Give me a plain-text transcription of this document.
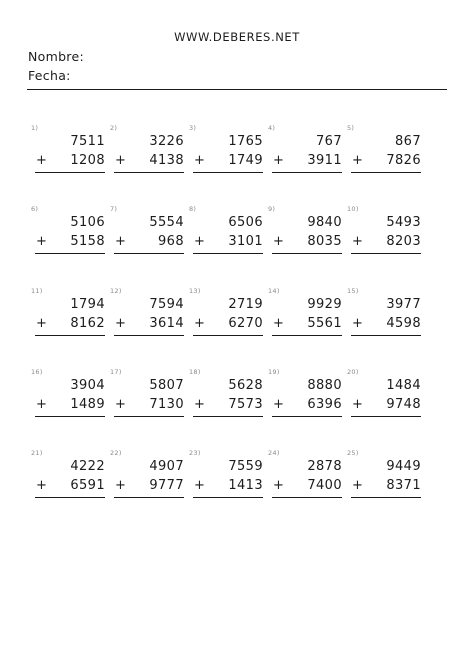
WWW.DEBERES.NET
Nombre:
Fecha:
1)
7511
+ 1208
2)
3226
+ 4138
3)
1765
+ 1749
4)
767
+ 3911
5)
867
+ 7826
6)
5106
+ 5158
7)
5554
+ 968
8)
6506
+ 3101
9)
9840
+ 8035
10)
5493
+ 8203
11)
1794
+ 8162
12)
7594
+ 3614
13)
2719
+ 6270
14)
9929
+ 5561
15)
3977
+ 4598
16)
3904
+ 1489
17)
5807
+ 7130
18)
5628
+ 7573
19)
8880
+ 6396
20)
1484
+ 9748
21)
4222
+ 6591
22)
4907
+ 9777
23)
7559
+ 1413
24)
2878
+ 7400
25)
9449
+ 8371
